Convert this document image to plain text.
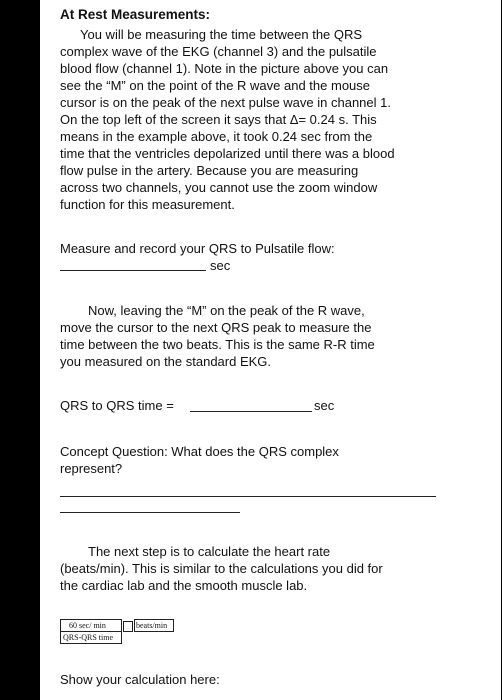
At Rest Measurements:

You will be measuring the time between the QRS

complex wave of the EKG (channel 3) and the pulsatile

blood flow (channel 1). Note in the picture above you can

see the “M” on the point of the R wave and the mouse

cursor is on the peak of the next pulse wave in channel 1.

On the top left of the screen it says that Δ= 0.24 s. This

means in the example above, it took 0.24 sec from the

time that the ventricles depolarized until there was a blood

flow pulse in the artery. Because you are measuring

across two channels, you cannot use the zoom window

function for this measurement.

Measure and record your QRS to Pulsatile flow:

sec

Now, leaving the “M” on the peak of the R wave,

move the cursor to the next QRS peak to measure the

time between the two beats. This is the same R-R time

you measured on the standard EKG.

QRS to QRS time =	sec

Concept Question: What does the QRS complex

represent?

The next step is to calculate the heart rate

(beats/min). This is similar to the calculations you did for

the cardiac lab and the smooth muscle lab.

60 sec/ min
QRS-QRS time
beats/min

Show your calculation here:
